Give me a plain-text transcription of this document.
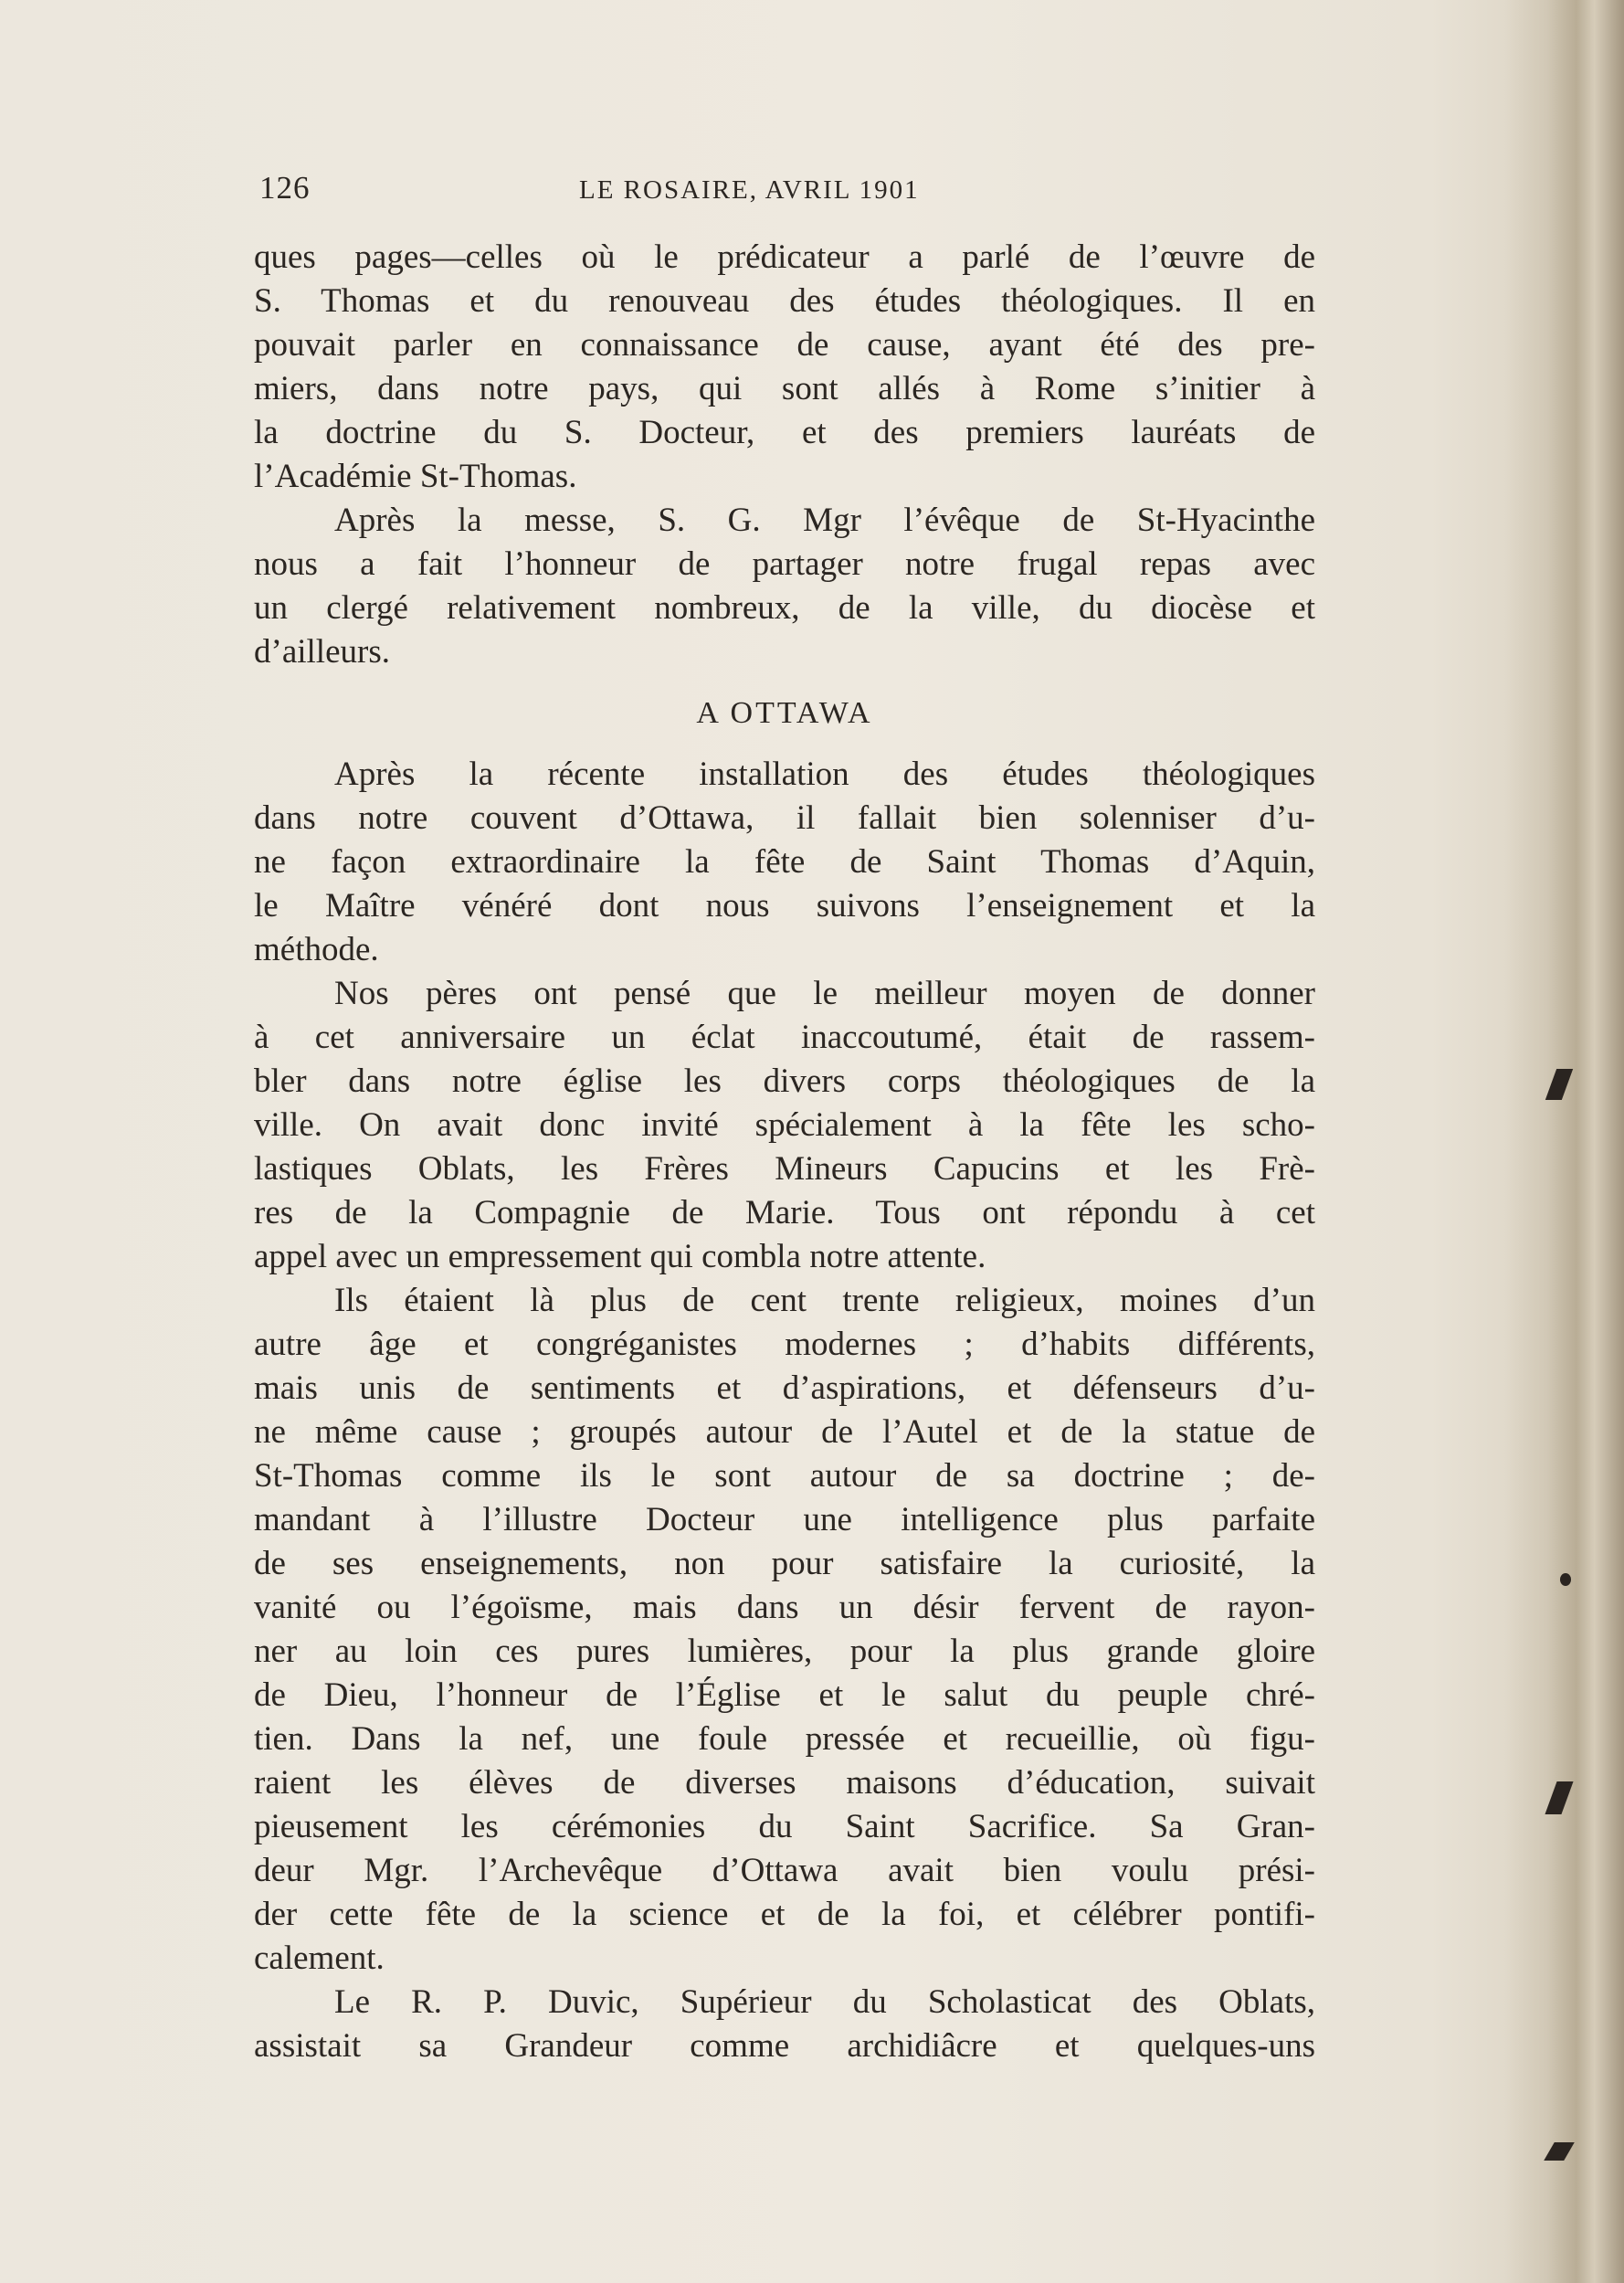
126	LE ROSAIRE, AVRIL 1901
ques pages—celles où le prédicateur a parlé de l’œuvre de
S. Thomas et du renouveau des études théologiques. Il en
pouvait parler en connaissance de cause, ayant été des pre-
miers, dans notre pays, qui sont allés à Rome s’initier à
la doctrine du S. Docteur, et des premiers lauréats de
l’Académie St-Thomas.
Après la messe, S. G. Mgr l’évêque de St-Hyacinthe
nous a fait l’honneur de partager notre frugal repas avec
un clergé relativement nombreux, de la ville, du diocèse et
d’ailleurs.
A OTTAWA
Après la récente installation des études théologiques
dans notre couvent d’Ottawa, il fallait bien solenniser d’u-
ne façon extraordinaire la fête de Saint Thomas d’Aquin,
le Maître vénéré dont nous suivons l’enseignement et la
méthode.
Nos pères ont pensé que le meilleur moyen de donner
à cet anniversaire un éclat inaccoutumé, était de rassem-
bler dans notre église les divers corps théologiques de la
ville. On avait donc invité spécialement à la fête les scho-
lastiques Oblats, les Frères Mineurs Capucins et les Frè-
res de la Compagnie de Marie. Tous ont répondu à cet
appel avec un empressement qui combla notre attente.
Ils étaient là plus de cent trente religieux, moines d’un
autre âge et congréganistes modernes ; d’habits différents,
mais unis de sentiments et d’aspirations, et défenseurs d’u-
ne même cause ; groupés autour de l’Autel et de la statue de
St-Thomas comme ils le sont autour de sa doctrine ; de-
mandant à l’illustre Docteur une intelligence plus parfaite
de ses enseignements, non pour satisfaire la curiosité, la
vanité ou l’égoïsme, mais dans un désir fervent de rayon-
ner au loin ces pures lumières, pour la plus grande gloire
de Dieu, l’honneur de l’Église et le salut du peuple chré-
tien. Dans la nef, une foule pressée et recueillie, où figu-
raient les élèves de diverses maisons d’éducation, suivait
pieusement les cérémonies du Saint Sacrifice. Sa Gran-
deur Mgr. l’Archevêque d’Ottawa avait bien voulu prési-
der cette fête de la science et de la foi, et célébrer pontifi-
calement.
Le R. P. Duvic, Supérieur du Scholasticat des Oblats,
assistait sa Grandeur comme archidiâcre et quelques-uns
